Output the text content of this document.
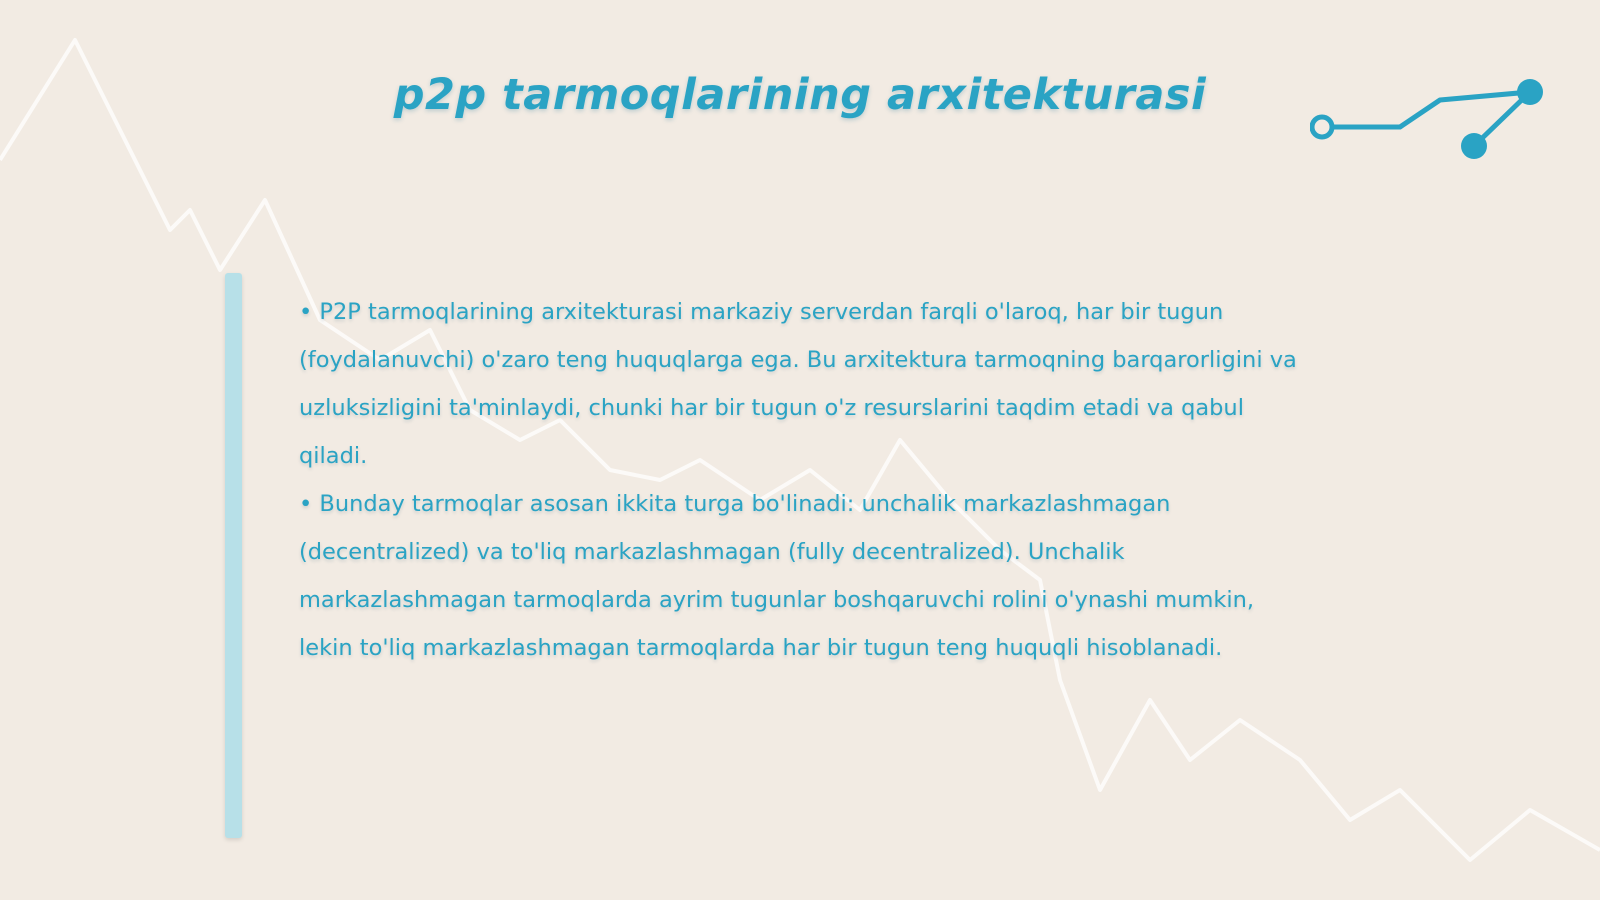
p2p tarmoqlarining arxitekturasi

• P2P tarmoqlarining arxitekturasi markaziy serverdan farqli o'laroq, har bir tugun (foydalanuvchi) o'zaro teng huquqlarga ega. Bu arxitektura tarmoqning barqarorligini va uzluksizligini ta'minlaydi, chunki har bir tugun o'z resurslarini taqdim etadi va qabul qiladi.

• Bunday tarmoqlar asosan ikkita turga bo'linadi: unchalik markazlashmagan (decentralized) va to'liq markazlashmagan (fully decentralized). Unchalik markazlashmagan tarmoqlarda ayrim tugunlar boshqaruvchi rolini o'ynashi mumkin, lekin to'liq markazlashmagan tarmoqlarda har bir tugun teng huquqli hisoblanadi.
